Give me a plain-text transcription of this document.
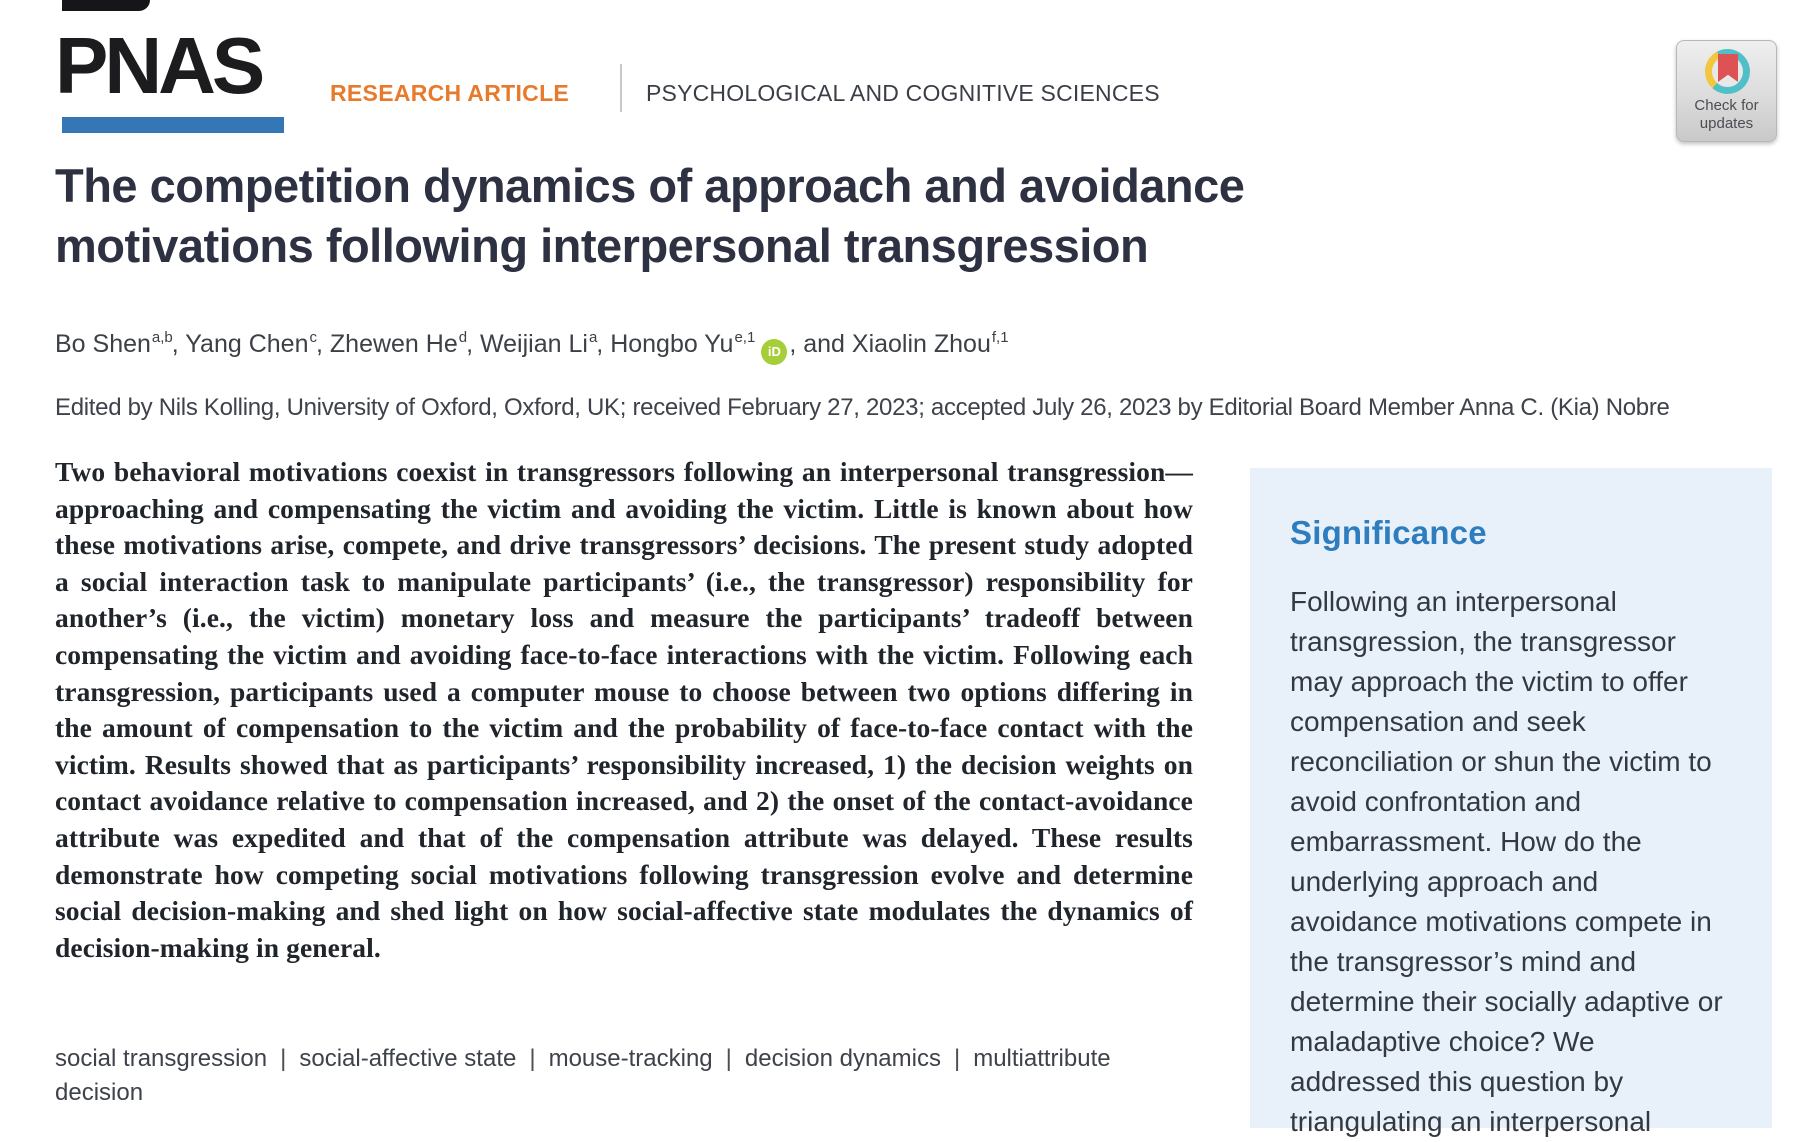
PNAS	RESEARCH ARTICLE	PSYCHOLOGICAL AND COGNITIVE SCIENCES	Check for
updates
The competition dynamics of approach and avoidance
motivations following interpersonal transgression
Bo Shen$^{a,b}$, Yang Chen$^c$, Zhewen He$^d$, Weijian Li$^a$, Hongbo Yu$^{e,1}$iD , and Xiaolin Zhou$^{f,1}$
Edited by Nils Kolling, University of Oxford, Oxford, UK; received February 27, 2023; accepted July 26, 2023 by Editorial Board Member Anna C. (Kia) Nobre

Two behavioral motivations coexist in transgressors following an interpersonal transgression—approaching and compensating the victim and avoiding the victim. Little is known about how these motivations arise, compete, and drive transgressors’ decisions. The present study adopted a social interaction task to manipulate participants’ (i.e., the transgressor) responsibility for another’s (i.e., the victim) monetary loss and measure the participants’ tradeoff between compensating the victim and avoiding face-to-face interactions with the victim. Following each transgression, participants used a computer mouse to choose between two options differing in the amount of compensation to the victim and the probability of face-to-face contact with the victim. Results showed that as participants’ responsibility increased, 1) the decision weights on contact avoidance relative to compensation increased, and 2) the onset of the contact-avoidance attribute was expedited and that of the compensation attribute was delayed. These results demonstrate how competing social motivations following transgression evolve and determine social decision-making and shed light on how social-affective state modulates the dynamics of decision-making in general.

social transgression | social-affective state | mouse-tracking | decision dynamics | multiattribute decision
Significance
Following an interpersonal transgression, the transgressor may approach the victim to offer compensation and seek reconciliation or shun the victim to avoid confrontation and embarrassment. How do the underlying approach and avoidance motivations compete in the transgressor’s mind and determine their socially adaptive or maladaptive choice? We addressed this question by triangulating an interpersonal
